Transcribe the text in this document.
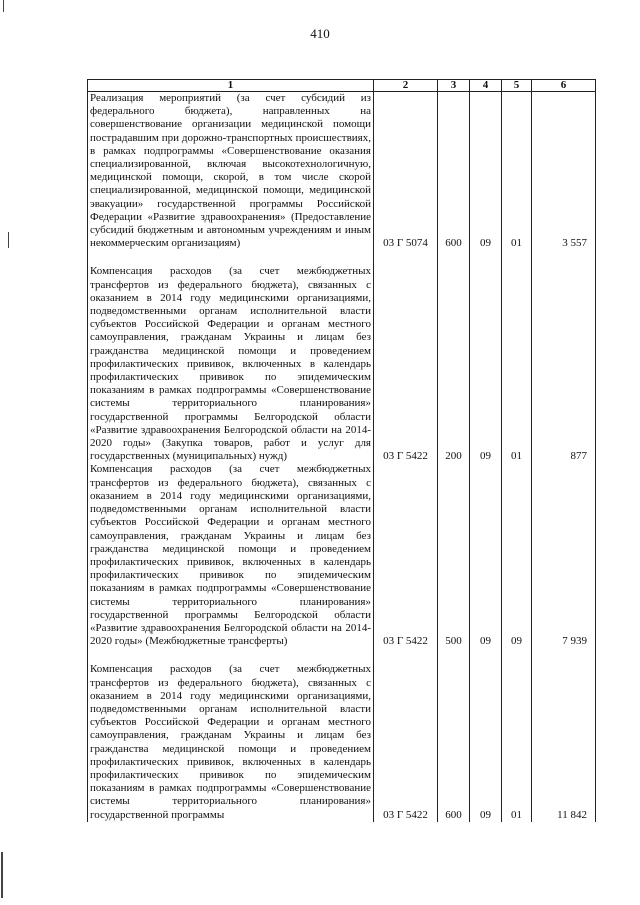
410
1	2	3	4	5	6

Реализация мероприятий (за счет субсидий из федерального бюджета), направленных на совершенствование организации медицинской помощи пострадавшим при дорожно-транспортных происшествиях, в рамках подпрограммы «Совершенствование оказания специализированной, включая высокотехнологичную, медицинской помощи, скорой, в том числе скорой специализированной, медицинской помощи, медицинской эвакуации» государственной программы Российской Федерации «Развитие здравоохранения» (Предоставление субсидий бюджетным и автономным учреждениям и иным некоммерческим организациям)	03 Г 5074	600	09	01	3 557

Компенсация расходов (за счет межбюджетных трансфертов из федерального бюджета), связанных с оказанием в 2014 году медицинскими организациями, подведомственными органам исполнительной власти субъектов Российской Федерации и органам местного самоуправления, гражданам Украины и лицам без гражданства медицинской помощи и проведением профилактических прививок, включенных в календарь профилактических прививок по эпидемическим показаниям в рамках подпрограммы «Совершенствование системы территориального планирования» государственной программы Белгородской области «Развитие здравоохранения Белгородской области на 2014-2020 годы» (Закупка товаров, работ и услуг для государственных (муниципальных) нужд)	03 Г 5422	200	09	01	877

Компенсация расходов (за счет межбюджетных трансфертов из федерального бюджета), связанных с оказанием в 2014 году медицинскими организациями, подведомственными органам исполнительной власти субъектов Российской Федерации и органам местного самоуправления, гражданам Украины и лицам без гражданства медицинской помощи и проведением профилактических прививок, включенных в календарь профилактических прививок по эпидемическим показаниям в рамках подпрограммы «Совершенствование системы территориального планирования» государственной программы Белгородской области «Развитие здравоохранения Белгородской области на 2014-2020 годы» (Межбюджетные трансферты)	03 Г 5422	500	09	09	7 939

Компенсация расходов (за счет межбюджетных трансфертов из федерального бюджета), связанных с оказанием в 2014 году медицинскими организациями, подведомственными органам исполнительной власти субъектов Российской Федерации и органам местного самоуправления, гражданам Украины и лицам без гражданства медицинской помощи и проведением профилактических прививок, включенных в календарь профилактических прививок по эпидемическим показаниям в рамках подпрограммы «Совершенствование системы территориального планирования» государственной программы	03 Г 5422	600	09	01	11 842
